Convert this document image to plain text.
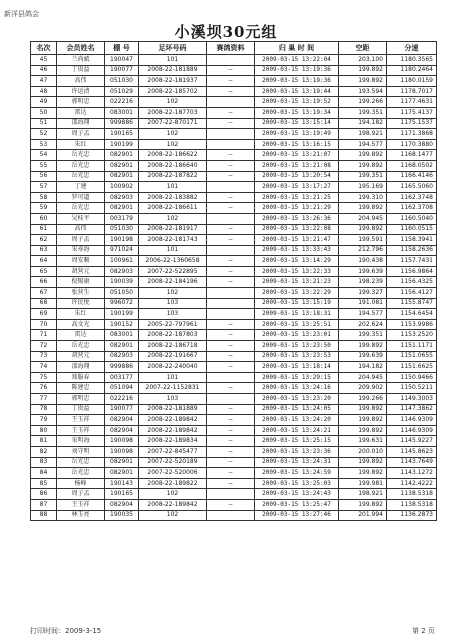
新洋县鸽会
小溪坝30元组
名次	会员姓名	棚 号	足环号码	赛鸽资料	归 巢 时 间	空距	分速
45	兰尚斌	190047	101		2009-03-15 13:22:04	203.100	1180.3565
46	丁贵益	190077	2008-22-181889	--	2009-03-15 13:19:36	199.892	1180.2464
47	高伟	051030	2008-22-181937	--	2009-03-15 13:19:36	199.892	1180.0159
48	许运清	051029	2008-22-185702	--	2009-03-15 13:19:44	193.594	1178.7017
49	郭明忠	022216	102		2009-03-15 13:19:52	199.266	1177.4631
50	雷达	083001	2008-22-187703	--	2009-03-15 13:19:34	199.351	1175.4137
51	邵海翔	999886	2007-22-870171	--	2009-03-15 13:15:14	194.182	1175.1537
52	周子孟	190165	102		2009-03-15 13:19:49	198.921	1171.3868
53	朱红	190199	102		2009-03-15 13:16:15	194.577	1170.3880
54	岳光忠	082901	2008-22-186622	--	2009-03-15 13:21:07	199.892	1168.1477
55	岳光忠	082901	2008-22-186640	--	2009-03-15 13:21:08	199.892	1168.0502
56	岳光忠	082901	2008-22-187822	--	2009-03-15 13:20:54	199.351	1166.4146
57	丁建	100902	101		2009-03-15 13:17:27	195.169	1165.5060
58	罗可道	082903	2008-22-183882	--	2009-03-15 13:21:25	199.310	1162.3748
59	岳光忠	082901	2008-22-186611	--	2009-03-15 13:21:29	199.892	1162.3708
60	吴桂平	003179	102		2009-03-15 13:26:36	204.945	1160.5040
61	高伟	051030	2008-22-181917	--	2009-03-15 13:22:08	199.892	1160.0515
62	周子孟	190198	2008-22-181743	--	2009-03-15 13:21:47	199.591	1158.3941
63	宋寿海	971024	101		2009-03-15 13:33:43	212.796	1158.2636
64	周安顺	100961	2006-22-1360658	--	2009-03-15 13:14:29	190.438	1157.7431
65	胡营元	082903	2007-22-522895	--	2009-03-15 13:22:33	199.639	1156.9864
66	倪锡康	190039	2008-22-184196	--	2009-03-15 13:21:23	198.239	1156.4325
67	张营生	051050	102		2009-03-15 13:22:29	199.327	1156.4127
68	许民悦	996072	103		2009-03-15 13:15:19	191.081	1155.8747
69	朱红	190199	103		2009-03-15 13:18:31	194.577	1154.6454
70	高文光	190152	2005-22-797961	--	2009-03-15 13:25:51	202.624	1153.9986
71	雷达	083001	2008-22-187803	--	2009-03-15 13:23:01	199.351	1153.2520
72	岳光忠	082901	2008-22-186718	--	2009-03-15 13:23:50	199.892	1151.1171
73	胡营元	082903	2008-22-191667	--	2009-03-15 13:23:53	199.639	1151.0655
74	邵海翔	999886	2008-22-240040	--	2009-03-15 13:18:14	194.182	1151.6625
75	郑服春	003177	101		2009-03-15 13:29:15	204.945	1150.9466
76	陈建忠	051094	2007-22-1152831	--	2009-03-15 13:24:16	209.902	1150.5211
77	郭明忠	022216	103		2009-03-15 13:23:20	199.266	1149.3003
78	丁贵益	190077	2008-22-181889	--	2009-03-15 13:24:05	199.892	1147.3862
79	王玉祥	082904	2008-22-189842	--	2009-03-15 13:24:20	199.892	1146.9309
80	王玉祥	082904	2008-22-189842	--	2009-03-15 13:24:21	199.892	1146.9309
81	宋明海	190098	2008-22-189834	--	2009-03-15 13:25:15	199.631	1145.9227
82	刘守明	190098	2007-22-845477	--	2009-03-15 13:23:36	200.010	1145.8623
83	岳光忠	082901	2007-22-520189	--	2009-03-15 13:24:31	199.892	1143.7649
84	岳光忠	082901	2007-22-520006	--	2009-03-15 13:24:59	199.892	1143.1272
85	杨峰	190143	2008-22-189822	--	2009-03-15 13:25:03	199.981	1142.4222
86	周子孟	190165	102		2009-03-15 13:24:43	198.921	1138.5318
87	王玉祥	082904	2008-22-189842	--	2009-03-15 13:25:47	199.892	1138.5318
88	林玉亮	190035	102		2009-03-15 13:27:46	201.994	1136.2873
打印时间：2009-3-15	第 2 页
